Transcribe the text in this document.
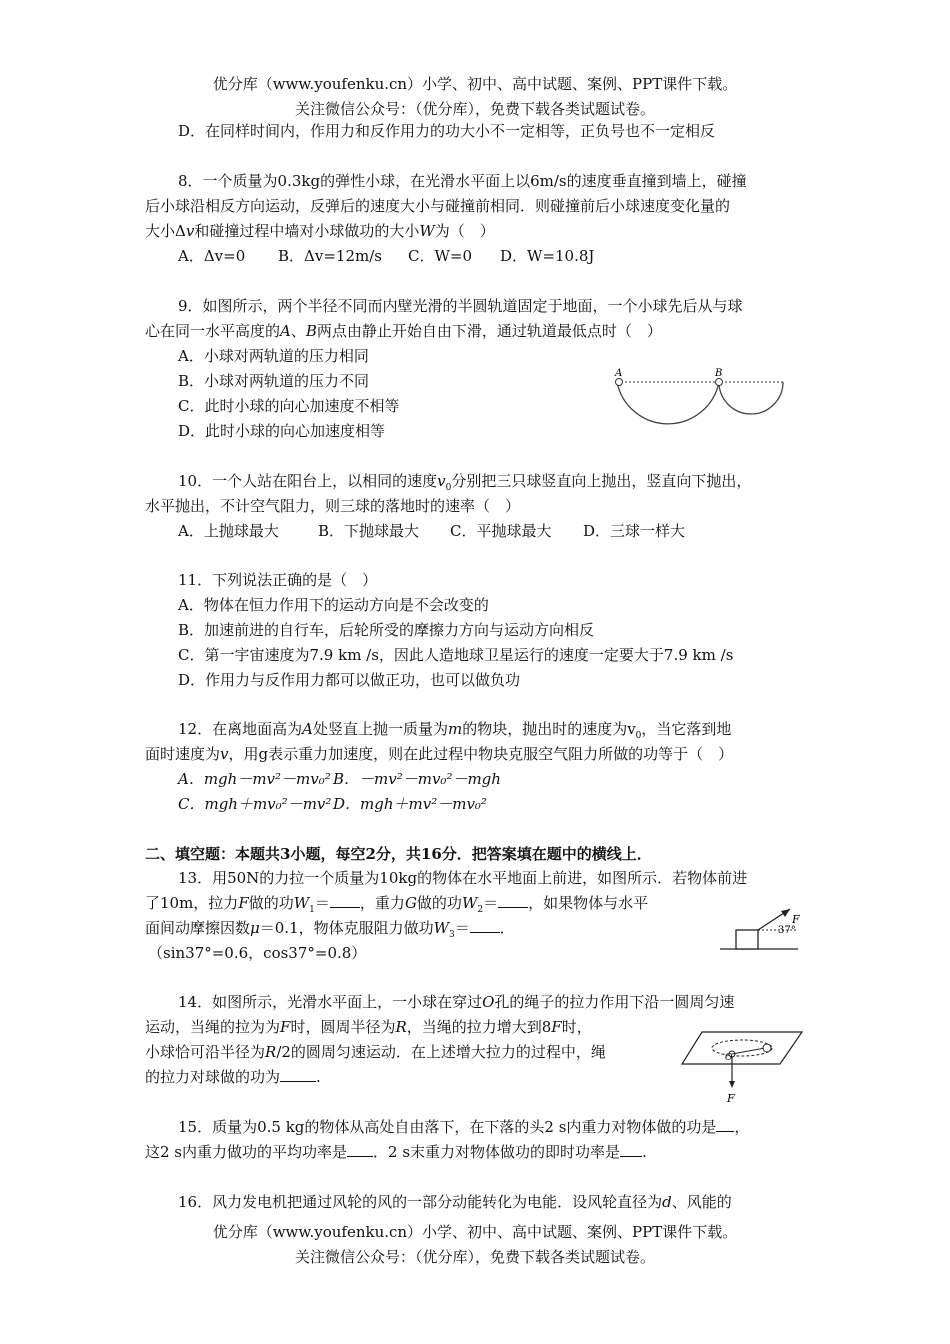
优分库（www.youfenku.cn）小学、初中、高中试题、案例、PPT课件下载。
关注微信公众号：（优分库），免费下载各类试题试卷。
D．在同样时间内，作用力和反作用力的功大小不一定相等，正负号也不一定相反
8．一个质量为0.3kg的弹性小球，在光滑水平面上以6m/s的速度垂直撞到墙上，碰撞
后小球沿相反方向运动，反弹后的速度大小与碰撞前相同．则碰撞前后小球速度变化量的
大小Δv和碰撞过程中墙对小球做功的大小W为（　）
A．Δv=0 B．Δv=12m/s C．W=0 D．W=10.8J
9．如图所示，两个半径不同而内壁光滑的半圆轨道固定于地面，一个小球先后从与球
心在同一水平高度的A、B两点由静止开始自由下滑，通过轨道最低点时（　）
A．小球对两轨道的压力相同
B．小球对两轨道的压力不同
C．此时小球的向心加速度不相等
D．此时小球的向心加速度相等
A	B
10．一个人站在阳台上，以相同的速度$v_0$分别把三只球竖直向上抛出，竖直向下抛出，
水平抛出，不计空气阻力，则三球的落地时的速率（　）
A．上抛球最大	B．下抛球最大 C．平抛球最大 D．三球一样大
11．下列说法正确的是（　）
A．物体在恒力作用下的运动方向是不会改变的
B．加速前进的自行车，后轮所受的摩擦力方向与运动方向相反
C．第一宇宙速度为7.9 km /s，因此人造地球卫星运行的速度一定要大于7.9 km /s
D．作用力与反作用力都可以做正功，也可以做负功
12．在离地面高为A处竖直上抛一质量为m的物块，抛出时的速度为$v_0$，当它落到地
面时速度为v，用g表示重力加速度，则在此过程中物块克服空气阻力所做的功等于（　）
A．mgh－mv²－mv₀² B．－mv²－mv₀²－mgh
C．mgh＋mv₀²－mv² D．mgh＋mv²－mv₀²
二、填空题：本题共3小题，每空2分，共16分．把答案填在题中的横线上．
13．用50N的力拉一个质量为10kg的物体在水平地面上前进，如图所示．若物体前进
了10m，拉力F做的功$W_1=$ ，重力G做的功$W_2=$ ，如果物体与水平
面间动摩擦因数μ＝0.1，物体克服阻力做功$W_3=$ ．
（sin37°=0.6，cos37°=0.8）
F
37°
14．如图所示，光滑水平面上，一小球在穿过O孔的绳子的拉力作用下沿一圆周匀速
运动，当绳的拉为为F时，圆周半径为R，当绳的拉力增大到8F时，
小球恰可沿半径为R/2的圆周匀速运动．在上述增大拉力的过程中，绳
的拉力对球做的功为 .
O
F
15．质量为0.5 kg的物体从高处自由落下，在下落的头2 s内重力对物体做的功是 ，
这2 s内重力做功的平均功率是 ．2 s末重力对物体做功的即时功率是 .
16．风力发电机把通过风轮的风的一部分动能转化为电能．设风轮直径为d、风能的
优分库（www.youfenku.cn）小学、初中、高中试题、案例、PPT课件下载。
关注微信公众号：（优分库），免费下载各类试题试卷。
